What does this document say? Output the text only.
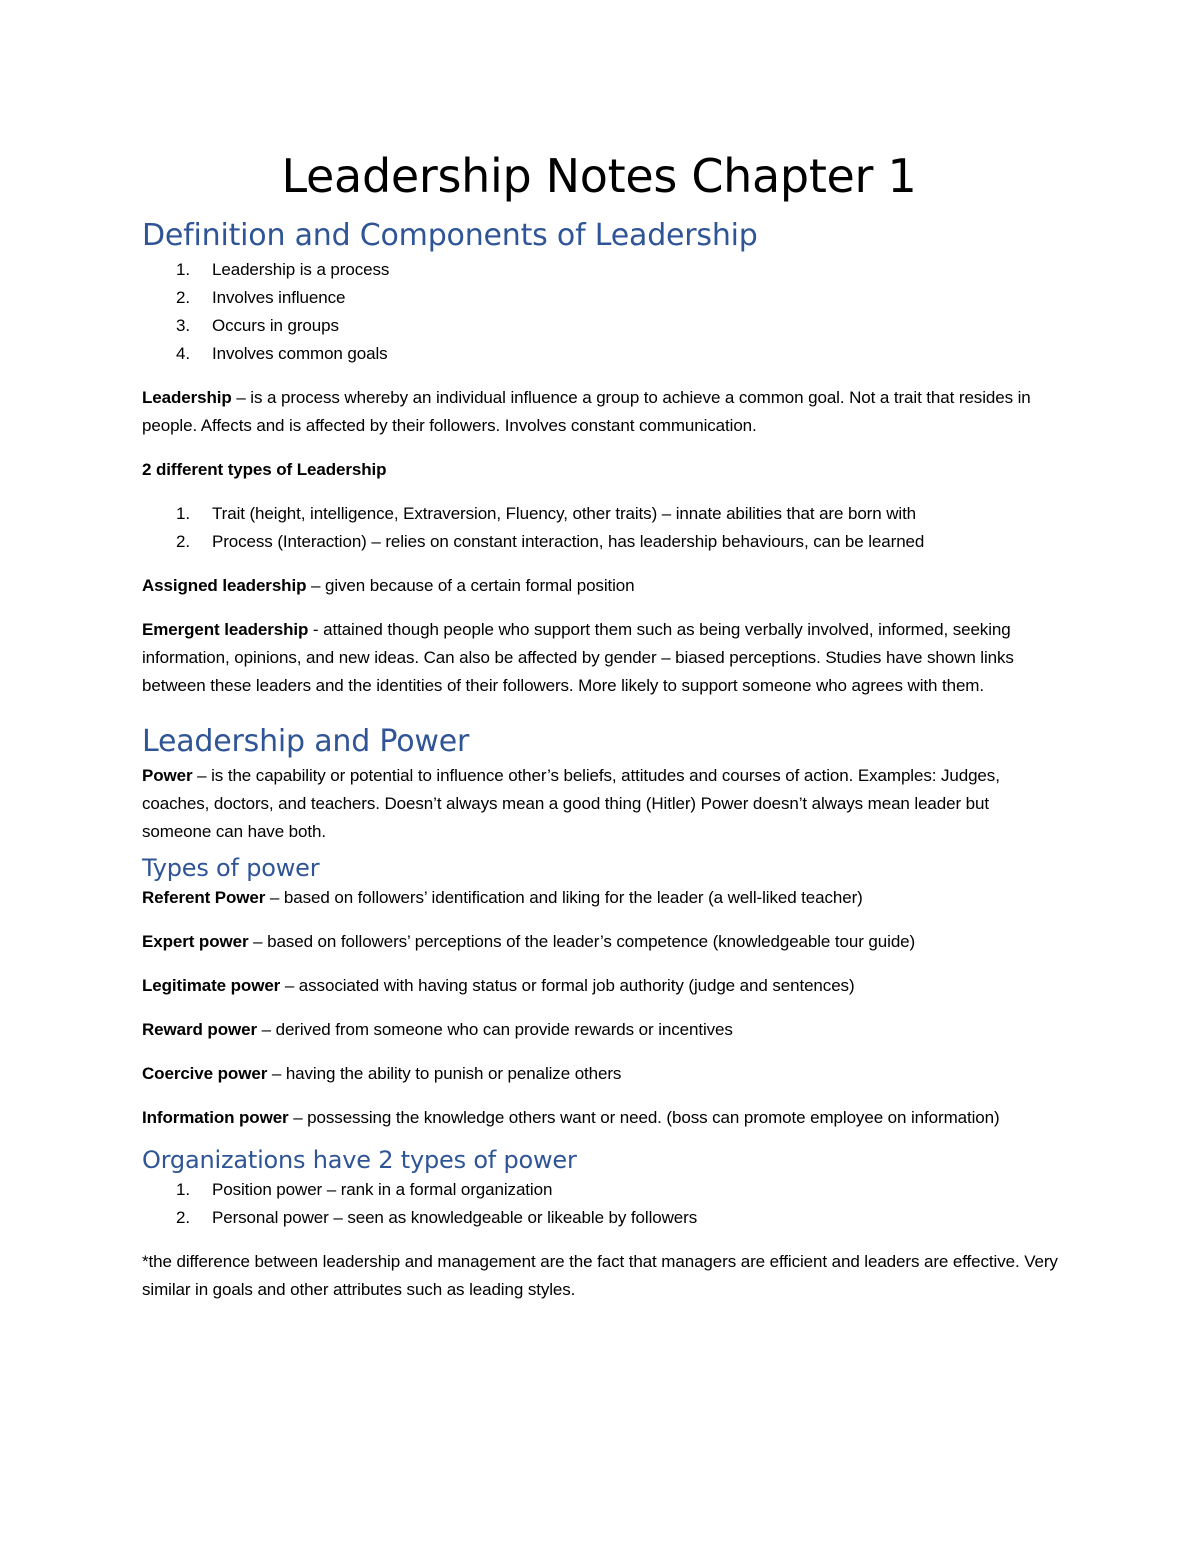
Leadership Notes Chapter 1
Definition and Components of Leadership
1. Leadership is a process
2. Involves influence
3. Occurs in groups
4. Involves common goals

Leadership – is a process whereby an individual influence a group to achieve a common goal. Not a trait that resides in people. Affects and is affected by their followers. Involves constant communication.

2 different types of Leadership

1. Trait (height, intelligence, Extraversion, Fluency, other traits) – innate abilities that are born with
2. Process (Interaction) – relies on constant interaction, has leadership behaviours, can be learned

Assigned leadership – given because of a certain formal position

Emergent leadership - attained though people who support them such as being verbally involved, informed, seeking information, opinions, and new ideas. Can also be affected by gender – biased perceptions. Studies have shown links between these leaders and the identities of their followers. More likely to support someone who agrees with them.

Leadership and Power

Power – is the capability or potential to influence other’s beliefs, attitudes and courses of action. Examples: Judges, coaches, doctors, and teachers. Doesn’t always mean a good thing (Hitler) Power doesn’t always mean leader but someone can have both.

Types of power

Referent Power – based on followers’ identification and liking for the leader (a well-liked teacher)

Expert power – based on followers’ perceptions of the leader’s competence (knowledgeable tour guide)

Legitimate power – associated with having status or formal job authority (judge and sentences)

Reward power – derived from someone who can provide rewards or incentives

Coercive power – having the ability to punish or penalize others

Information power – possessing the knowledge others want or need. (boss can promote employee on information)

Organizations have 2 types of power
1. Position power – rank in a formal organization
2. Personal power – seen as knowledgeable or likeable by followers

*the difference between leadership and management are the fact that managers are efficient and leaders are effective. Very similar in goals and other attributes such as leading styles.
